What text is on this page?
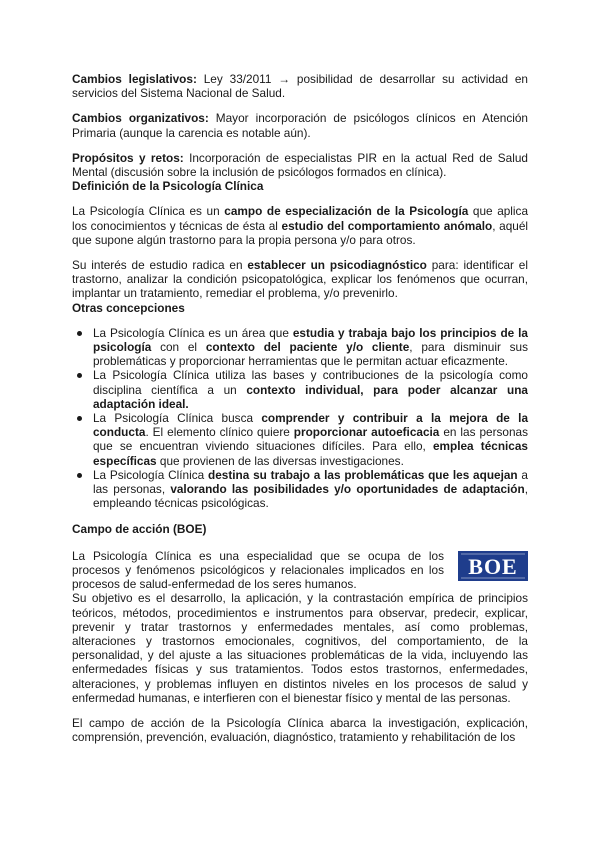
Cambios legislativos: Ley 33/2011 → posibilidad de desarrollar su actividad en servicios del Sistema Nacional de Salud.

Cambios organizativos: Mayor incorporación de psicólogos clínicos en Atención Primaria (aunque la carencia es notable aún).

Propósitos y retos: Incorporación de especialistas PIR en la actual Red de Salud Mental (discusión sobre la inclusión de psicólogos formados en clínica).

Definición de la Psicología Clínica

La Psicología Clínica es un campo de especialización de la Psicología que aplica los conocimientos y técnicas de ésta al estudio del comportamiento anómalo, aquél que supone algún trastorno para la propia persona y/o para otros.

Su interés de estudio radica en establecer un psicodiagnóstico para: identificar el trastorno, analizar la condición psicopatológica, explicar los fenómenos que ocurran, implantar un tratamiento, remediar el problema, y/o prevenirlo.

Otras concepciones

La Psicología Clínica es un área que estudia y trabaja bajo los principios de la psicología con el contexto del paciente y/o cliente, para disminuir sus problemáticas y proporcionar herramientas que le permitan actuar eficazmente.
La Psicología Clínica utiliza las bases y contribuciones de la psicología como disciplina científica a un contexto individual, para poder alcanzar una adaptación ideal.
La Psicología Clínica busca comprender y contribuir a la mejora de la conducta. El elemento clínico quiere proporcionar autoeficacia en las personas que se encuentran viviendo situaciones difíciles. Para ello, emplea técnicas específicas que provienen de las diversas investigaciones.
La Psicología Clínica destina su trabajo a las problemáticas que les aquejan a las personas, valorando las posibilidades y/o oportunidades de adaptación, empleando técnicas psicológicas.

Campo de acción (BOE)

BOE

La Psicología Clínica es una especialidad que se ocupa de los procesos y fenómenos psicológicos y relacionales implicados en los procesos de salud-enfermedad de los seres humanos.

Su objetivo es el desarrollo, la aplicación, y la contrastación empírica de principios teóricos, métodos, procedimientos e instrumentos para observar, predecir, explicar, prevenir y tratar trastornos y enfermedades mentales, así como problemas, alteraciones y trastornos emocionales, cognitivos, del comportamiento, de la personalidad, y del ajuste a las situaciones problemáticas de la vida, incluyendo las enfermedades físicas y sus tratamientos. Todos estos trastornos, enfermedades, alteraciones, y problemas influyen en distintos niveles en los procesos de salud y enfermedad humanas, e interfieren con el bienestar físico y mental de las personas.

El campo de acción de la Psicología Clínica abarca la investigación, explicación, comprensión, prevención, evaluación, diagnóstico, tratamiento y rehabilitación de los
